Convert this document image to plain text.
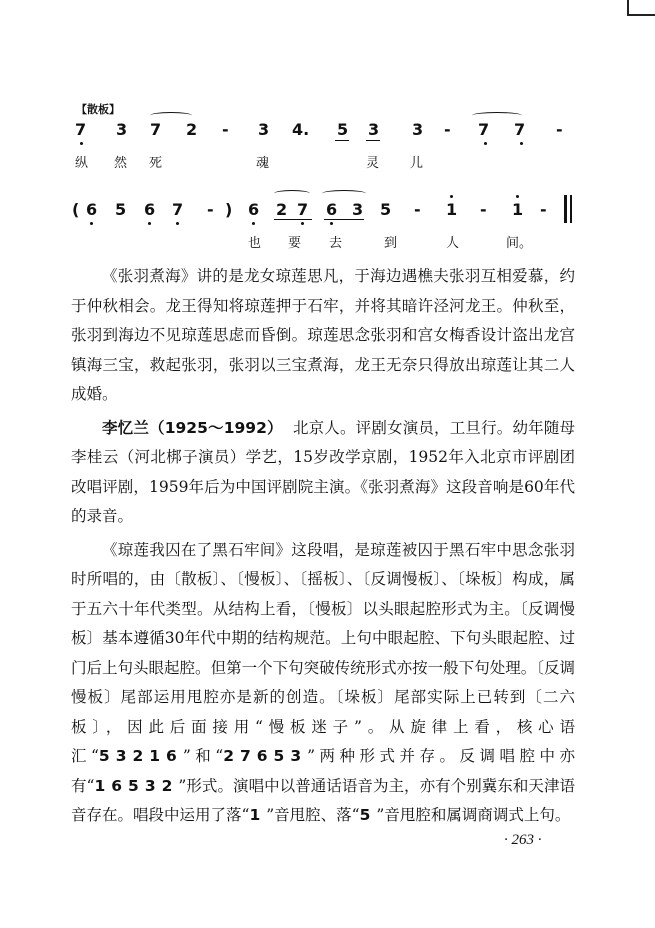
【散板】
7 3 7 2 - 3 4. 5 3 3 - 7 7 -
纵 然 死	魂	灵 儿
( 6 5 6 7 - ) 6 2 7 6 3 5 - 1 - 1 -
也 要 去	到	人	间。

《张羽煮海》讲的是龙女琼莲思凡，于海边遇樵夫张羽互相爱慕，约于仲秋相会。龙王得知将琼莲押于石牢，并将其暗许泾河龙王。仲秋至，张羽到海边不见琼莲思虑而昏倒。琼莲思念张羽和宫女梅香设计盗出龙宫镇海三宝，救起张羽，张羽以三宝煮海，龙王无奈只得放出琼莲让其二人成婚。

李忆兰（1925～1992） 北京人。评剧女演员，工旦行。幼年随母李桂云（河北梆子演员）学艺，15岁改学京剧，1952年入北京市评剧团改唱评剧，1959年后为中国评剧院主演。《张羽煮海》这段音响是60年代的录音。

《琼莲我囚在了黑石牢间》这段唱，是琼莲被囚于黑石牢中思念张羽时所唱的，由〔散板〕、〔慢板〕、〔摇板〕、〔反调慢板〕、〔垛板〕构成，属于五六十年代类型。从结构上看，〔慢板〕以头眼起腔形式为主。〔反调慢板〕基本遵循30年代中期的结构规范。上句中眼起腔、下句头眼起腔、过门后上句头眼起腔。但第一个下句突破传统形式亦按一般下句处理。〔反调慢板〕尾部运用甩腔亦是新的创造。〔垛板〕尾部实际上已转到〔二六板〕，因此后面接用“慢板迷子”。从旋律上看，核心语汇“53216”和“27653”两种形式并存。反调唱腔中亦有“16532”形式。演唱中以普通话语音为主，亦有个别冀东和天津语音存在。唱段中运用了落“1”音甩腔、落“5”音甩腔和属调商调式上句。

· 263 ·
